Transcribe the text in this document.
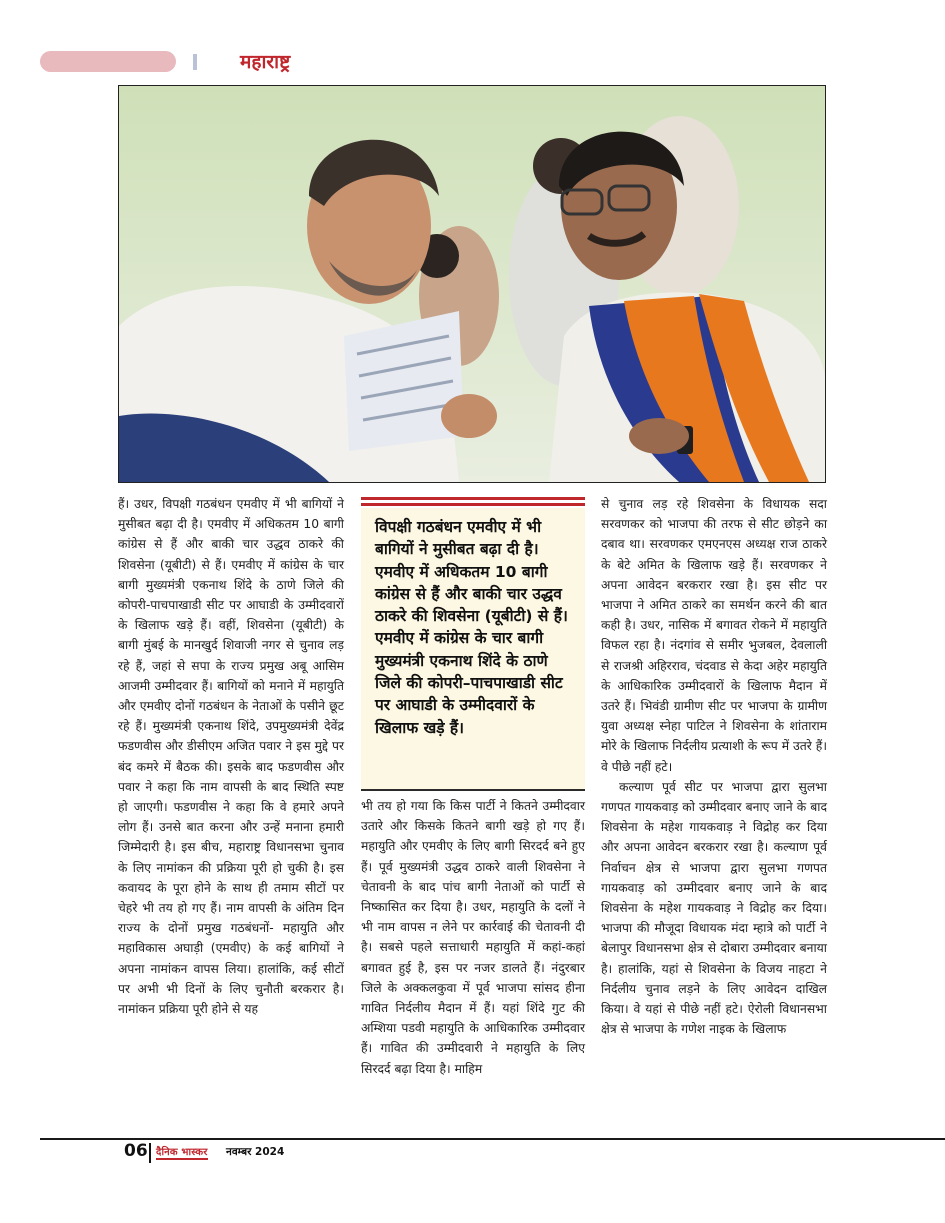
महाराष्ट्र

हैं। उधर, विपक्षी गठबंधन एमवीए में भी बागियों ने मुसीबत बढ़ा दी है। एमवीए में अधिकतम 10 बागी कांग्रेस से हैं और बाकी चार उद्धव ठाकरे की शिवसेना (यूबीटी) से हैं। एमवीए में कांग्रेस के चार बागी मुख्यमंत्री एकनाथ शिंदे के ठाणे जिले की कोपरी-पाचपाखाडी सीट पर आघाडी के उम्मीदवारों के खिलाफ खड़े हैं। वहीं, शिवसेना (यूबीटी) के बागी मुंबई के मानखुर्द शिवाजी नगर से चुनाव लड़ रहे हैं, जहां से सपा के राज्य प्रमुख अबू आसिम आजमी उम्मीदवार हैं। बागियों को मनाने में महायुति और एमवीए दोनों गठबंधन के नेताओं के पसीने छूट रहे हैं। मुख्यमंत्री एकनाथ शिंदे, उपमुख्यमंत्री देवेंद्र फडणवीस और डीसीएम अजित पवार ने इस मुद्दे पर बंद कमरे में बैठक की। इसके बाद फडणवीस और पवार ने कहा कि नाम वापसी के बाद स्थिति स्पष्ट हो जाएगी। फडणवीस ने कहा कि वे हमारे अपने लोग हैं। उनसे बात करना और उन्हें मनाना हमारी जिम्मेदारी है। इस बीच, महाराष्ट्र विधानसभा चुनाव के लिए नामांकन की प्रक्रिया पूरी हो चुकी है। इस कवायद के पूरा होने के साथ ही तमाम सीटों पर चेहरे भी तय हो गए हैं। नाम वापसी के अंतिम दिन राज्य के दोनों प्रमुख गठबंधनों- महायुति और महाविकास अघाड़ी (एमवीए) के कई बागियों ने अपना नामांकन वापस लिया। हालांकि, कई सीटों पर अभी भी दिनों के लिए चुनौती बरकरार है। नामांकन प्रक्रिया पूरी होने से यह

विपक्षी गठबंधन एमवीए में भी बागियों ने मुसीबत बढ़ा दी है। एमवीए में अधिकतम 10 बागी कांग्रेस से हैं और बाकी चार उद्धव ठाकरे की शिवसेना (यूबीटी) से हैं। एमवीए में कांग्रेस के चार बागी मुख्यमंत्री एकनाथ शिंदे के ठाणे जिले की कोपरी–पाचपाखाडी सीट पर आघाडी के उम्मीदवारों के खिलाफ खड़े हैं।

भी तय हो गया कि किस पार्टी ने कितने उम्मीदवार उतारे और किसके कितने बागी खड़े हो गए हैं। महायुति और एमवीए के लिए बागी सिरदर्द बने हुए हैं। पूर्व मुख्यमंत्री उद्धव ठाकरे वाली शिवसेना ने चेतावनी के बाद पांच बागी नेताओं को पार्टी से निष्कासित कर दिया है। उधर, महायुति के दलों ने भी नाम वापस न लेने पर कार्रवाई की चेतावनी दी है। सबसे पहले सत्ताधारी महायुति में कहां-कहां बगावत हुई है, इस पर नजर डालते हैं। नंदुरबार जिले के अक्कलकुवा में पूर्व भाजपा सांसद हीना गावित निर्दलीय मैदान में हैं। यहां शिंदे गुट की अम्शिया पडवी महायुति के आधिकारिक उम्मीदवार हैं। गावित की उम्मीदवारी ने महायुति के लिए सिरदर्द बढ़ा दिया है। माहिम

से चुनाव लड़ रहे शिवसेना के विधायक सदा सरवणकर को भाजपा की तरफ से सीट छोड़ने का दबाव था। सरवणकर एमएनएस अध्यक्ष राज ठाकरे के बेटे अमित के खिलाफ खड़े हैं। सरवणकर ने अपना आवेदन बरकरार रखा है। इस सीट पर भाजपा ने अमित ठाकरे का समर्थन करने की बात कही है। उधर, नासिक में बगावत रोकने में महायुति विफल रहा है। नंदगांव से समीर भुजबल, देवलाली से राजश्री अहिरराव, चंदवाड से केदा अहेर महायुति के आधिकारिक उम्मीदवारों के खिलाफ मैदान में उतरे हैं। भिवंडी ग्रामीण सीट पर भाजपा के ग्रामीण युवा अध्यक्ष स्नेहा पाटिल ने शिवसेना के शांताराम मोरे के खिलाफ निर्दलीय प्रत्याशी के रूप में उतरे हैं। वे पीछे नहीं हटे।

कल्याण पूर्व सीट पर भाजपा द्वारा सुलभा गणपत गायकवाड़ को उम्मीदवार बनाए जाने के बाद शिवसेना के महेश गायकवाड़ ने विद्रोह कर दिया और अपना आवेदन बरकरार रखा है। कल्याण पूर्व निर्वाचन क्षेत्र से भाजपा द्वारा सुलभा गणपत गायकवाड़ को उम्मीदवार बनाए जाने के बाद शिवसेना के महेश गायकवाड़ ने विद्रोह कर दिया। भाजपा की मौजूदा विधायक मंदा म्हात्रे को पार्टी ने बेलापुर विधानसभा क्षेत्र से दोबारा उम्मीदवार बनाया है। हालांकि, यहां से शिवसेना के विजय नाहटा ने निर्दलीय चुनाव लड़ने के लिए आवेदन दाखिल किया। वे यहां से पीछे नहीं हटे। ऐरोली विधानसभा क्षेत्र से भाजपा के गणेश नाइक के खिलाफ

06 दैनिक भास्कर नवम्बर 2024
